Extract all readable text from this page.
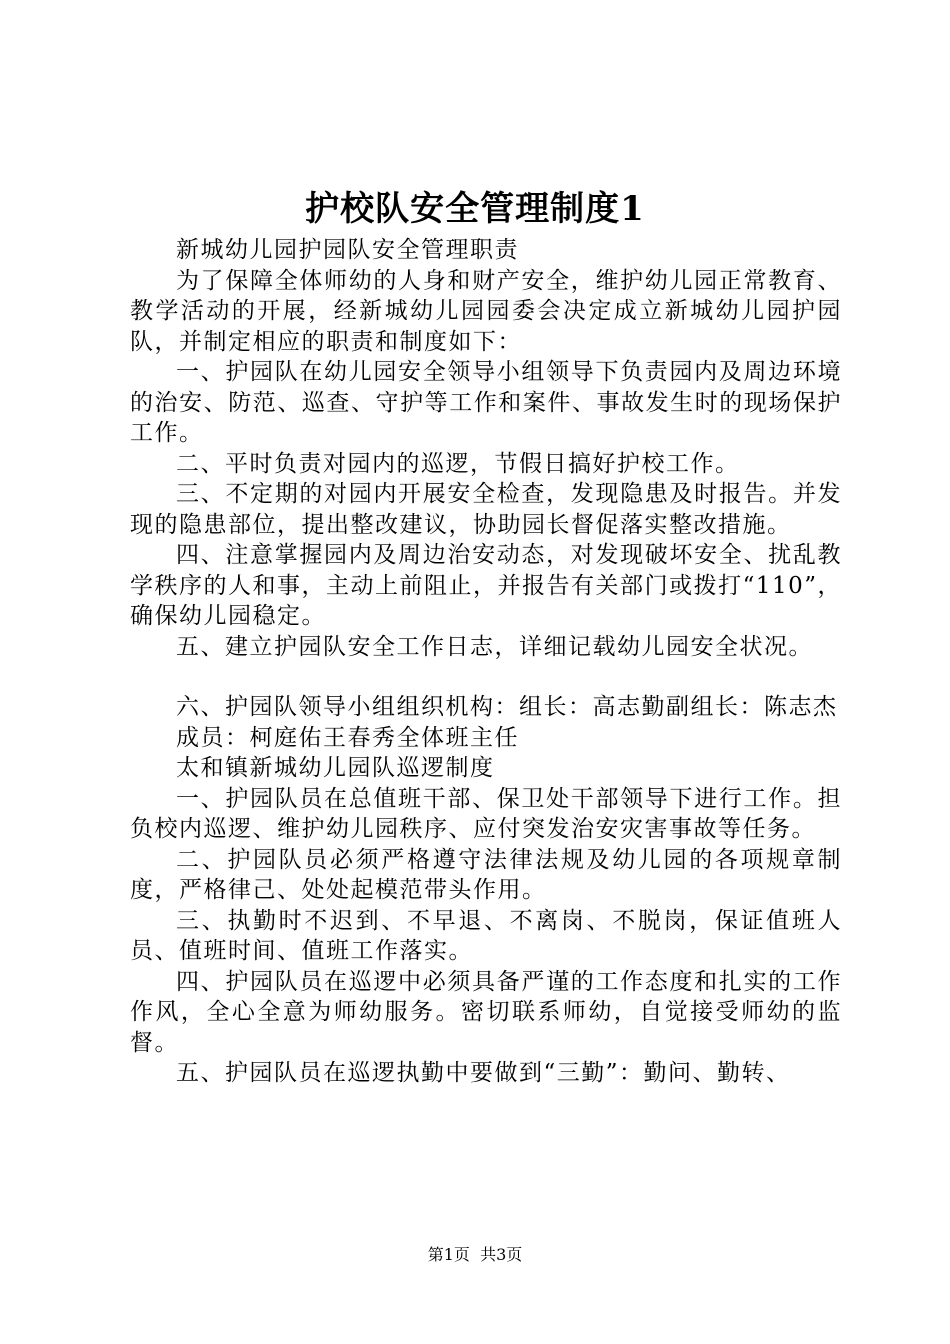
护校队安全管理制度1

新城幼儿园护园队安全管理职责

为了保障全体师幼的人身和财产安全，维护幼儿园正常教育、教学活动的开展，经新城幼儿园园委会决定成立新城幼儿园护园队，并制定相应的职责和制度如下：

一、护园队在幼儿园安全领导小组领导下负责园内及周边环境的治安、防范、巡查、守护等工作和案件、事故发生时的现场保护工作。

二、平时负责对园内的巡逻，节假日搞好护校工作。

三、不定期的对园内开展安全检查，发现隐患及时报告。并发现的隐患部位，提出整改建议，协助园长督促落实整改措施。

四、注意掌握园内及周边治安动态，对发现破坏安全、扰乱教学秩序的人和事，主动上前阻止，并报告有关部门或拨打“110”，确保幼儿园稳定。

五、建立护园队安全工作日志，详细记载幼儿园安全状况。

六、护园队领导小组组织机构：组长：高志勤副组长：陈志杰

成员：柯庭佑王春秀全体班主任

太和镇新城幼儿园队巡逻制度

一、护园队员在总值班干部、保卫处干部领导下进行工作。担负校内巡逻、维护幼儿园秩序、应付突发治安灾害事故等任务。

二、护园队员必须严格遵守法律法规及幼儿园的各项规章制度，严格律己、处处起模范带头作用。

三、执勤时不迟到、不早退、不离岗、不脱岗，保证值班人员、值班时间、值班工作落实。

四、护园队员在巡逻中必须具备严谨的工作态度和扎实的工作作风，全心全意为师幼服务。密切联系师幼，自觉接受师幼的监督。

五、护园队员在巡逻执勤中要做到“三勤”：勤问、勤转、

第1页 共3页
